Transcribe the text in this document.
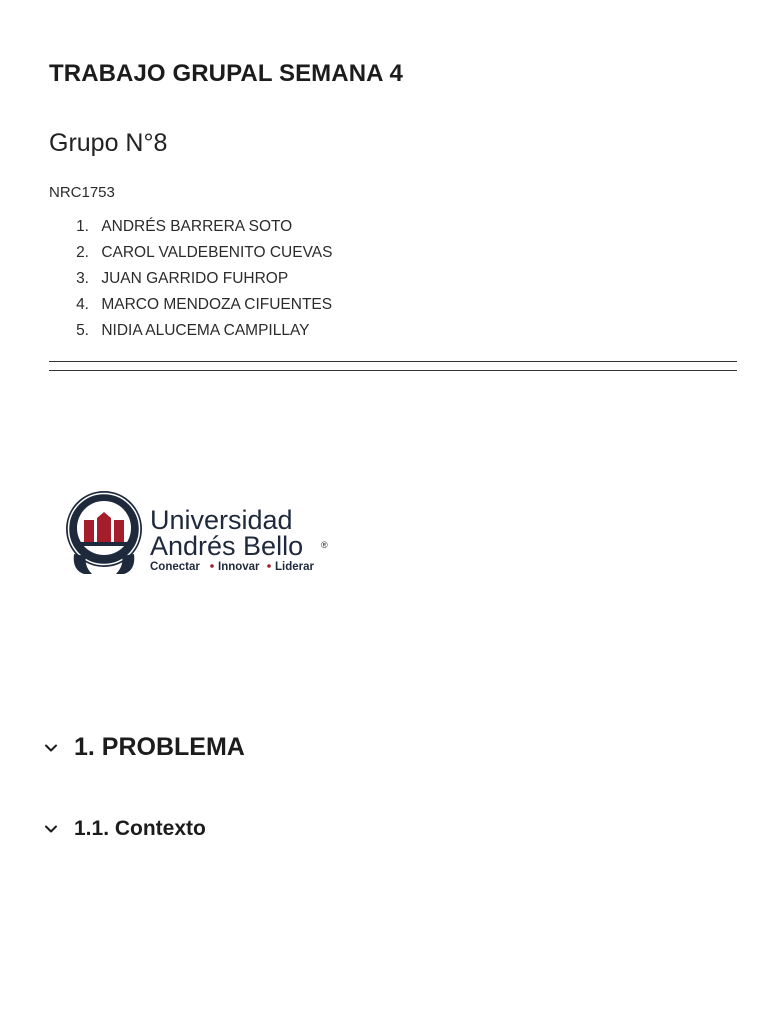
TRABAJO GRUPAL SEMANA 4
Grupo N°8

NRC1753

1. ANDRÉS BARRERA SOTO
2. CAROL VALDEBENITO CUEVAS
3. JUAN GARRIDO FUHROP
4. MARCO MENDOZA CIFUENTES
5. NIDIA ALUCEMA CAMPILLAY
Universidad
Andrés Bello ®
Conectar Innovar Liderar
1. PROBLEMA
1.1. Contexto
